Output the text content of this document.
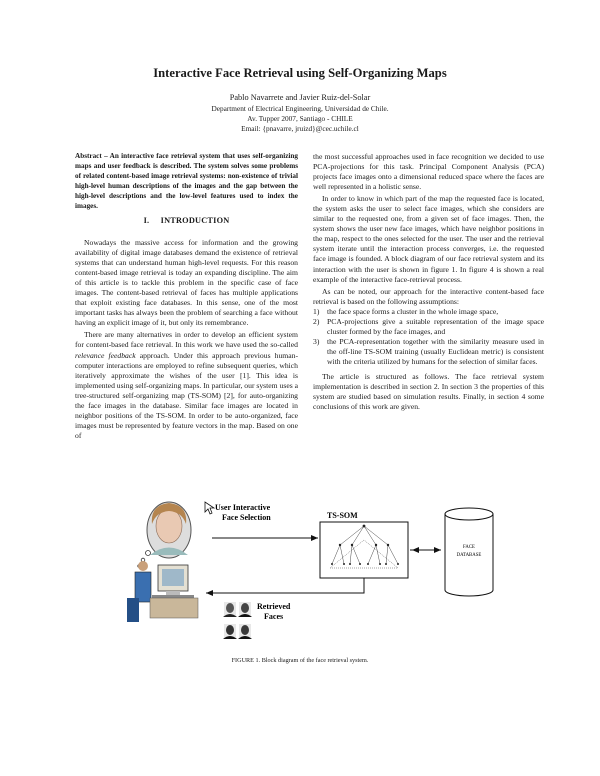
Interactive Face Retrieval using Self-Organizing Maps
Pablo Navarrete and Javier Ruiz-del-Solar
Department of Electrical Engineering, Universidad de Chile.
Av. Tupper 2007, Santiago - CHILE
Email: {pnavarre, jruizd}@cec.uchile.cl
Abstract – An interactive face retrieval system that uses self-organizing maps and user feedback is described. The system solves some problems of related content-based image retrieval systems: non-existence of trivial high-level human descriptions of the images and the gap between the high-level descriptions and the low-level features used to index the images.
I.     INTRODUCTION

Nowadays the massive access for information and the growing availability of digital image databases demand the existence of retrieval systems that can understand human high-level requests. For this reason content-based image retrieval is today an expanding discipline. The aim of this article is to tackle this problem in the specific case of face images. The content-based retrieval of faces has multiple applications that exploit existing face databases. In this sense, one of the most important tasks has always been the problem of searching a face without having an explicit image of it, but only its remembrance.

There are many alternatives in order to develop an efficient system for content-based face retrieval. In this work we have used the so-called relevance feedback approach. Under this approach previous human-computer interactions are employed to refine subsequent queries, which iteratively approximate the wishes of the user [1]. This idea is implemented using self-organizing maps. In particular, our system uses a tree-structured self-organizing map (TS-SOM) [2], for auto-organizing the face images in the database. Similar face images are located in neighbor positions of the TS-SOM. In order to be auto-organized, face images must be represented by feature vectors in the map. Based on one of

the most successful approaches used in face recognition we decided to use PCA-projections for this task. Principal Component Analysis (PCA) projects face images onto a dimensional reduced space where the faces are well represented in a holistic sense.

In order to know in which part of the map the requested face is located, the system asks the user to select face images, which she considers are similar to the requested one, from a given set of face images. Then, the system shows the user new face images, which have neighbor positions in the map, respect to the ones selected for the user. The user and the retrieval system iterate until the interaction process converges, i.e. the requested face image is founded. A block diagram of our face retrieval system and its interaction with the user is shown in figure 1. In figure 4 is shown a real example of the interactive face-retrieval process.

As can be noted, our approach for the interactive content-based face retrieval is based on the following assumptions:

1) the face space forms a cluster in the whole image space,
2) PCA-projections give a suitable representation of the image space cluster formed by the face images, and
3) the PCA-representation together with the similarity measure used in the off-line TS-SOM training (usually Euclidean metric) is consistent with the criteria utilized by humans for the selection of similar faces.

The article is structured as follows. The face retrieval system implementation is described in section 2. In section 3 the properties of this system are studied based on simulation results. Finally, in section 4 some conclusions of this work are given.

User Interactive
Face Selection	TS-SOM
FACE
DATABASE
Retrieved
Faces
FIGURE 1. Block diagram of the face retrieval system.
